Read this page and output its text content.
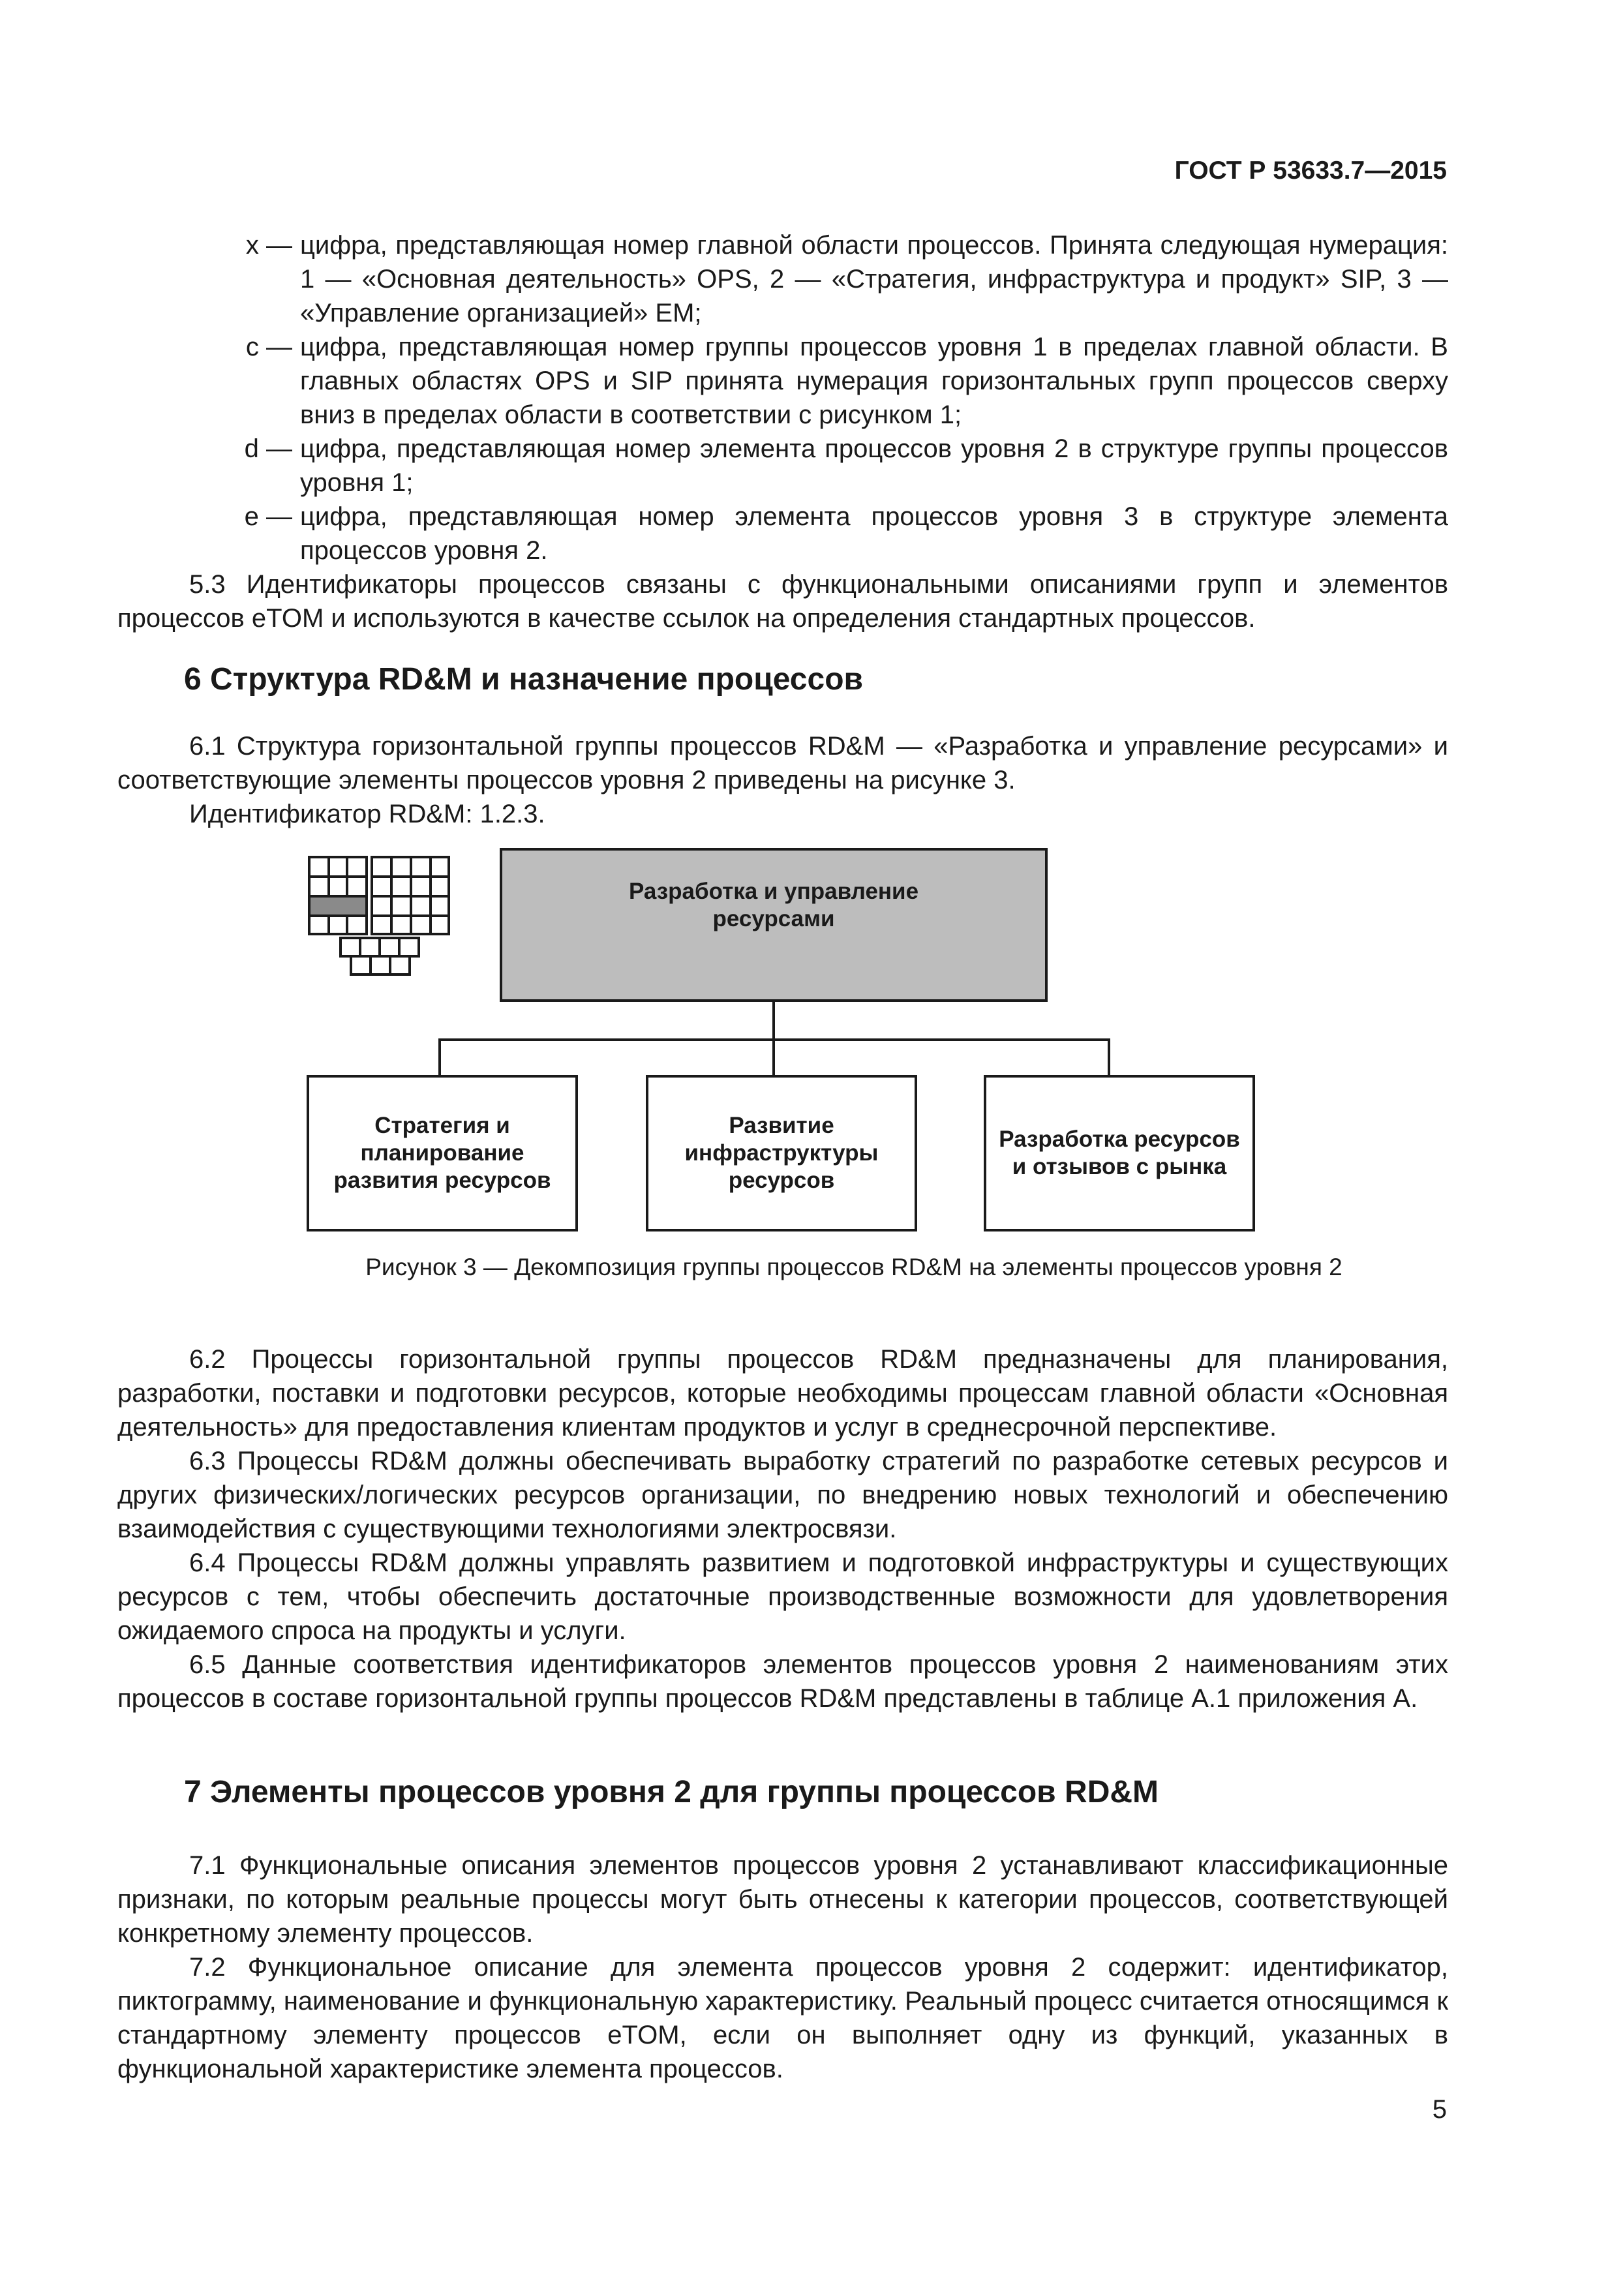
ГОСТ Р 53633.7—2015
x — цифра, представляющая номер главной области процессов. Принята следующая нумерация: 1 — «Основная деятельность» OPS, 2 — «Стратегия, инфраструктура и продукт» SIP, 3 — «Управление организацией» EM;
c — цифра, представляющая номер группы процессов уровня 1 в пределах главной области. В главных областях OPS и SIP принята нумерация горизонтальных групп процессов сверху вниз в пределах области в соответствии с рисунком 1;
d — цифра, представляющая номер элемента процессов уровня 2 в структуре группы процессов уровня 1;
e — цифра, представляющая номер элемента процессов уровня 3 в структуре элемента процессов уровня 2.

5.3 Идентификаторы процессов связаны с функциональными описаниями групп и элементов процессов eTOM и используются в качестве ссылок на определения стандартных процессов.

6 Структура RD&M и назначение процессов

6.1 Структура горизонтальной группы процессов RD&M — «Разработка и управление ресурсами» и соответствующие элементы процессов уровня 2 приведены на рисунке 3.

Идентификатор RD&M: 1.2.3.

Разработка и управление ресурсами
Стратегия и планирование развития ресурсов
Развитие инфраструктуры ресурсов
Разработка ресурсов и отзывов с рынка
Рисунок 3 — Декомпозиция группы процессов RD&M на элементы процессов уровня 2

6.2 Процессы горизонтальной группы процессов RD&M предназначены для планирования, разработки, поставки и подготовки ресурсов, которые необходимы процессам главной области «Основная деятельность» для предоставления клиентам продуктов и услуг в среднесрочной перспективе.

6.3 Процессы RD&M должны обеспечивать выработку стратегий по разработке сетевых ресурсов и других физических/логических ресурсов организации, по внедрению новых технологий и обеспечению взаимодействия с существующими технологиями электросвязи.

6.4 Процессы RD&M должны управлять развитием и подготовкой инфраструктуры и существующих ресурсов с тем, чтобы обеспечить достаточные производственные возможности для удовлетворения ожидаемого спроса на продукты и услуги.

6.5 Данные соответствия идентификаторов элементов процессов уровня 2 наименованиям этих процессов в составе горизонтальной группы процессов RD&M представлены в таблице А.1 приложения А.

7 Элементы процессов уровня 2 для группы процессов RD&M

7.1 Функциональные описания элементов процессов уровня 2 устанавливают классификационные признаки, по которым реальные процессы могут быть отнесены к категории процессов, соответствующей конкретному элементу процессов.

7.2 Функциональное описание для элемента процессов уровня 2 содержит: идентификатор, пиктограмму, наименование и функциональную характеристику. Реальный процесс считается относящимся к стандартному элементу процессов eTOM, если он выполняет одну из функций, указанных в функциональной характеристике элемента процессов.

5
